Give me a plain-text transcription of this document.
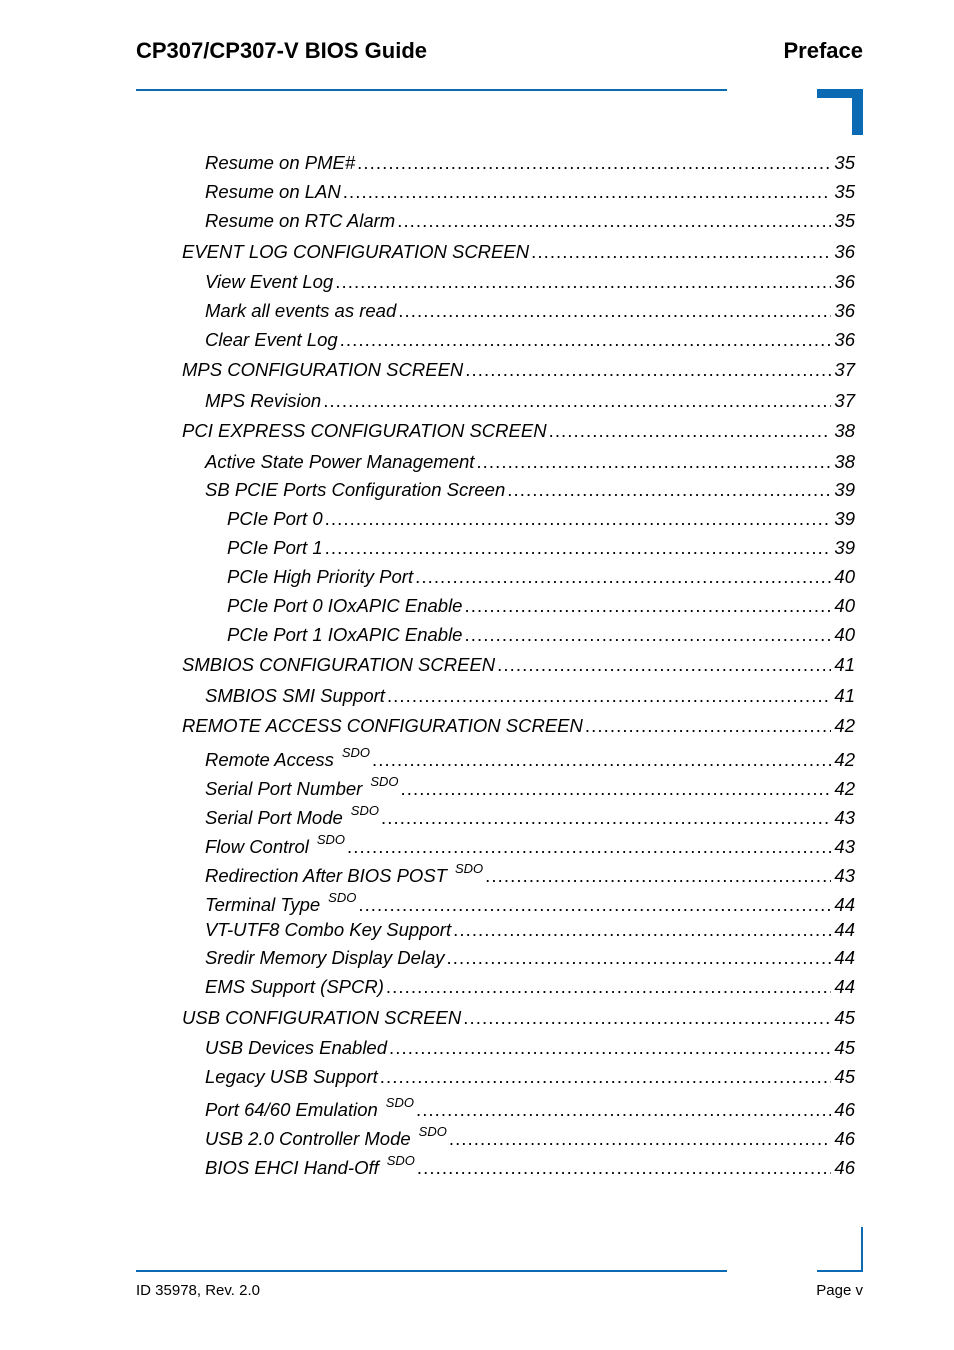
CP307/CP307-V BIOS Guide	Preface
Resume on PME# .....	35
Resume on LAN .....	35
Resume on RTC Alarm .....	35
EVENT LOG CONFIGURATION SCREEN .....	36
View Event Log .....	36
Mark all events as read .....	36
Clear Event Log .....	36
MPS CONFIGURATION SCREEN .....	37
MPS Revision .....	37
PCI EXPRESS CONFIGURATION SCREEN .....	38
Active State Power Management .....	38
SB PCIE Ports Configuration Screen .....	39
PCIe Port 0 .....	39
PCIe Port 1 .....	39
PCIe High Priority Port .....	40
PCIe Port 0 IOxAPIC Enable .....	40
PCIe Port 1 IOxAPIC Enable .....	40
SMBIOS CONFIGURATION SCREEN .....	41
SMBIOS SMI Support .....	41
REMOTE ACCESS CONFIGURATION SCREEN .....	42
Remote Access $^{SDO}$ .....	42
Serial Port Number $^{SDO}$ .....	42
Serial Port Mode $^{SDO}$ .....	43
Flow Control $^{SDO}$ .....	43
Redirection After BIOS POST $^{SDO}$ .....	43
Terminal Type $^{SDO}$ .....	44
VT-UTF8 Combo Key Support .....	44
Sredir Memory Display Delay .....	44
EMS Support (SPCR) .....	44
USB CONFIGURATION SCREEN .....	45
USB Devices Enabled .....	45
Legacy USB Support .....	45
Port 64/60 Emulation $^{SDO}$ .....	46
USB 2.0 Controller Mode $^{SDO}$ .....	46
BIOS EHCI Hand-Off $^{SDO}$ .....	46
ID 35978, Rev. 2.0	Page v
